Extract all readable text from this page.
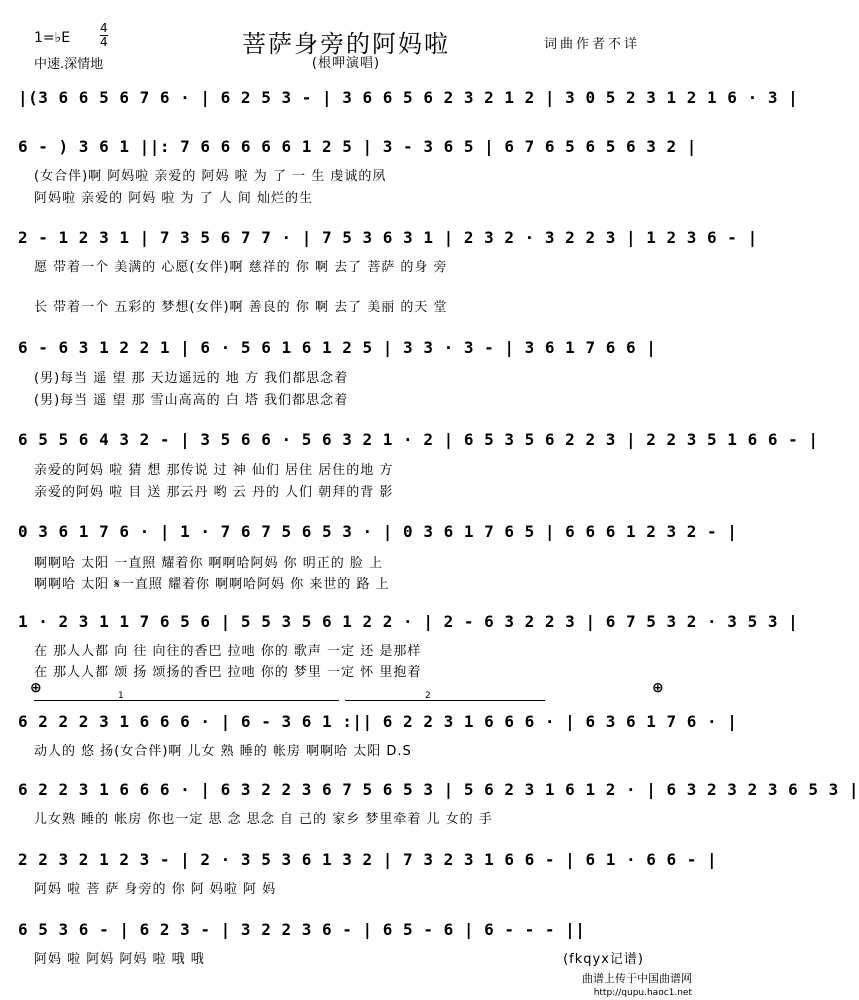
1=♭E
4
4
中速.深情地
菩萨身旁的阿妈啦
(根呷演唱)
词曲作者不详
|(3 6 6 5 6 7 6 · | 6 2 5 3 - | 3 6 6 5 6 2 3 2 1 2 | 3 0 5 2 3 1 2 1 6 · 3 |
6 - ) 3 6 1 ||: 7 6 6 6 6 6 1 2 5 | 3 - 3 6 5 | 6 7 6 5 6 5 6 3 2 |
(女合伴)啊 阿妈啦 亲爱的 阿妈 啦 为 了 一 生 虔诚的夙
阿妈啦 亲爱的 阿妈 啦 为 了 人 间 灿烂的生
2 - 1 2 3 1 | 7 3 5 6 7 7 · | 7 5 3 6 3 1 | 2 3 2 · 3 2 2 3 | 1 2 3 6 - |
愿 带着一个 美满的 心愿(女伴)啊 慈祥的 你 啊 去了 菩萨 的身 旁
长 带着一个 五彩的 梦想(女伴)啊 善良的 你 啊 去了 美丽 的天 堂
6 - 6 3 1 2 2 1 | 6 · 5 6 1 6 1 2 5 | 3 3 · 3 - | 3 6 1 7 6 6 |
(男)每当 遥 望 那 天边遥远的 地 方 我们都思念着
(男)每当 遥 望 那 雪山高高的 白 塔 我们都思念着
6 5 5 6 4 3 2 - | 3 5 6 6 · 5 6 3 2 1 · 2 | 6 5 3 5 6 2 2 3 | 2 2 3 5 1 6 6 - |
亲爱的阿妈 啦 猜 想 那传说 过 神 仙们 居住 居住的地 方
亲爱的阿妈 啦 目 送 那云丹 哟 云 丹的 人们 朝拜的背 影
0 3 6 1 7 6 · | 1 · 7 6 7 5 6 5 3 · | 0 3 6 1 7 6 5 | 6 6 6 1 2 3 2 - |
啊啊哈 太阳 一直照 耀着你 啊啊哈阿妈 你 明正的 脸 上
啊啊哈 太阳 𝄋一直照 耀着你 啊啊哈阿妈 你 来世的 路 上
1 · 2 3 1 1 7 6 5 6 | 5 5 3 5 6 1 2 2 · | 2 - 6 3 2 2 3 | 6 7 5 3 2 · 3 5 3 |
在 那人人都 向 往 向往的香巴 拉吔 你的 歌声 一定 还 是那样
在 那人人都 颂 扬 颂扬的香巴 拉吔 你的 梦里 一定 怀 里抱着
⊕	⊕
1	2
6 2 2 2 3 1 6 6 6 · | 6 - 3 6 1 :|| 6 2 2 3 1 6 6 6 · | 6 3 6 1 7 6 · |
动人的 悠 扬(女合伴)啊 儿女 熟 睡的 帐房 啊啊哈 太阳 D.S
6 2 2 3 1 6 6 6 · | 6 3 2 2 3 6 7 5 6 5 3 | 5 6 2 3 1 6 1 2 · | 6 3 2 3 2 3 6 5 3 |
儿女熟 睡的 帐房 你也一定 思 念 思念 自 己的 家乡 梦里牵着 儿 女的 手
2 2 3 2 1 2 3 - | 2 · 3 5 3 6 1 3 2 | 7 3 2 3 1 6 6 - | 6 1 · 6 6 - |
阿妈 啦 菩 萨 身旁的 你 阿 妈啦 阿 妈
6 5 3 6 - | 6 2 3 - | 3 2 2 3 6 - | 6 5 - 6 | 6 - - - ||
阿妈 啦 阿妈 阿妈 啦 哦 哦	(fkqyx记谱)
曲谱上传于中国曲谱网
http://qupu.haoc1.net
